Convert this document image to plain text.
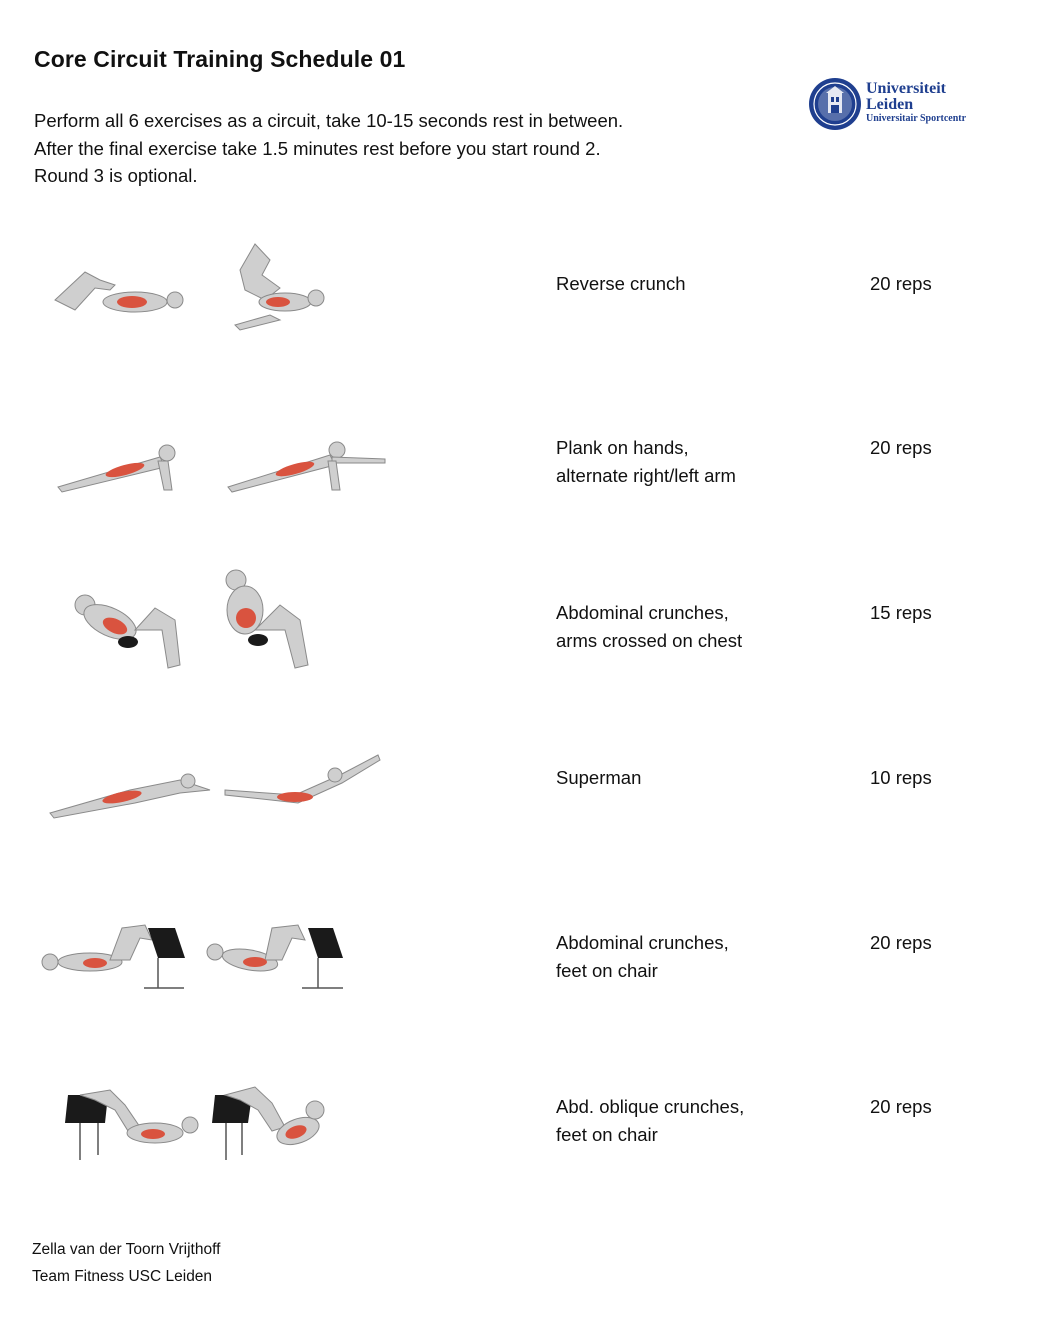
Core Circuit Training Schedule 01
Perform all 6 exercises as a circuit, take 10-15 seconds rest in between.
After the final exercise take 1.5 minutes rest before you start round 2.
Round 3 is optional.
Universiteit
Leiden
Universitair Sportcentr
Reverse crunch	20 reps
Plank on hands,
alternate right/left arm
20 reps
Abdominal crunches,
arms crossed on chest
15 reps
Superman	10 reps
Abdominal crunches,
feet on chair
20 reps
Abd. oblique crunches,
feet on chair
20 reps
Zella van der Toorn Vrijthoff
Team Fitness USC Leiden
